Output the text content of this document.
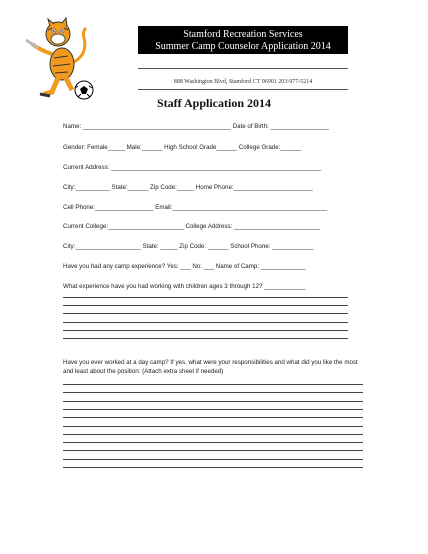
Stamford Recreation Services
Summer Camp Counselor Application 2014
888 Washington Blvd, Stamford CT 06901 203-977-5214
Staff Application 2014
Name: ___________________________________________ Date of Birth: _________________
Gender: Female_____ Male:______ High School Grade______ College Grade:______
Current Address: _____________________________________________________________
City:__________ State:______ Zip Code:_____ Home Phone:_______________________
Cell Phone:_________________ Email:_____________________________________________
Current College:______________________ College Address: _________________________
City:___________________ State: _____ Zip Code: ______ School Phone: ____________
Have you had any camp experience? Yes: ___ No: ___ Name of Camp: _____________
What experience have you had working with children ages 3 through 12? ____________
Have you ever worked at a day camp? If yes, what were your responsibilities and what did you like the most and least about the position: (Attach extra sheet if needed)
